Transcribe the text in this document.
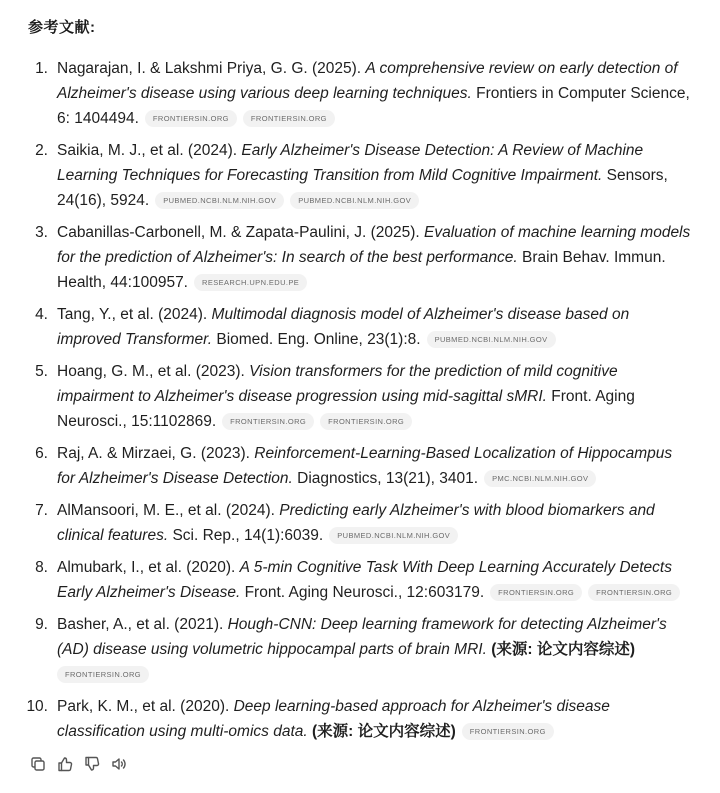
参考文献:
1. Nagarajan, I. & Lakshmi Priya, G. G. (2025). A comprehensive review on early detection of Alzheimer's disease using various deep learning techniques. Frontiers in Computer Science, 6: 1404494. FRONTIERSIN.ORG	FRONTIERSIN.ORG
2. Saikia, M. J., et al. (2024). Early Alzheimer's Disease Detection: A Review of Machine Learning Techniques for Forecasting Transition from Mild Cognitive Impairment. Sensors, 24(16), 5924. PUBMED.NCBI.NLM.NIH.GOV	PUBMED.NCBI.NLM.NIH.GOV
3. Cabanillas-Carbonell, M. & Zapata-Paulini, J. (2025). Evaluation of machine learning models for the prediction of Alzheimer's: In search of the best performance. Brain Behav. Immun. Health, 44:100957. RESEARCH.UPN.EDU.PE
4. Tang, Y., et al. (2024). Multimodal diagnosis model of Alzheimer's disease based on improved Transformer. Biomed. Eng. Online, 23(1):8. PUBMED.NCBI.NLM.NIH.GOV
5. Hoang, G. M., et al. (2023). Vision transformers for the prediction of mild cognitive impairment to Alzheimer's disease progression using mid-sagittal sMRI. Front. Aging Neurosci., 15:1102869. FRONTIERSIN.ORG	FRONTIERSIN.ORG
6. Raj, A. & Mirzaei, G. (2023). Reinforcement-Learning-Based Localization of Hippocampus for Alzheimer's Disease Detection. Diagnostics, 13(21), 3401. PMC.NCBI.NLM.NIH.GOV
7. AlMansoori, M. E., et al. (2024). Predicting early Alzheimer's with blood biomarkers and clinical features. Sci. Rep., 14(1):6039. PUBMED.NCBI.NLM.NIH.GOV
8. Almubark, I., et al. (2020). A 5-min Cognitive Task With Deep Learning Accurately Detects Early Alzheimer's Disease. Front. Aging Neurosci., 12:603179. FRONTIERSIN.ORG	FRONTIERSIN.ORG
9. Basher, A., et al. (2021). Hough-CNN: Deep learning framework for detecting Alzheimer's (AD) disease using volumetric hippocampal parts of brain MRI. (来源: 论文内容综述)
FRONTIERSIN.ORG
10. Park, K. M., et al. (2020). Deep learning-based approach for Alzheimer's disease classification using multi-omics data. (来源: 论文内容综述) FRONTIERSIN.ORG
